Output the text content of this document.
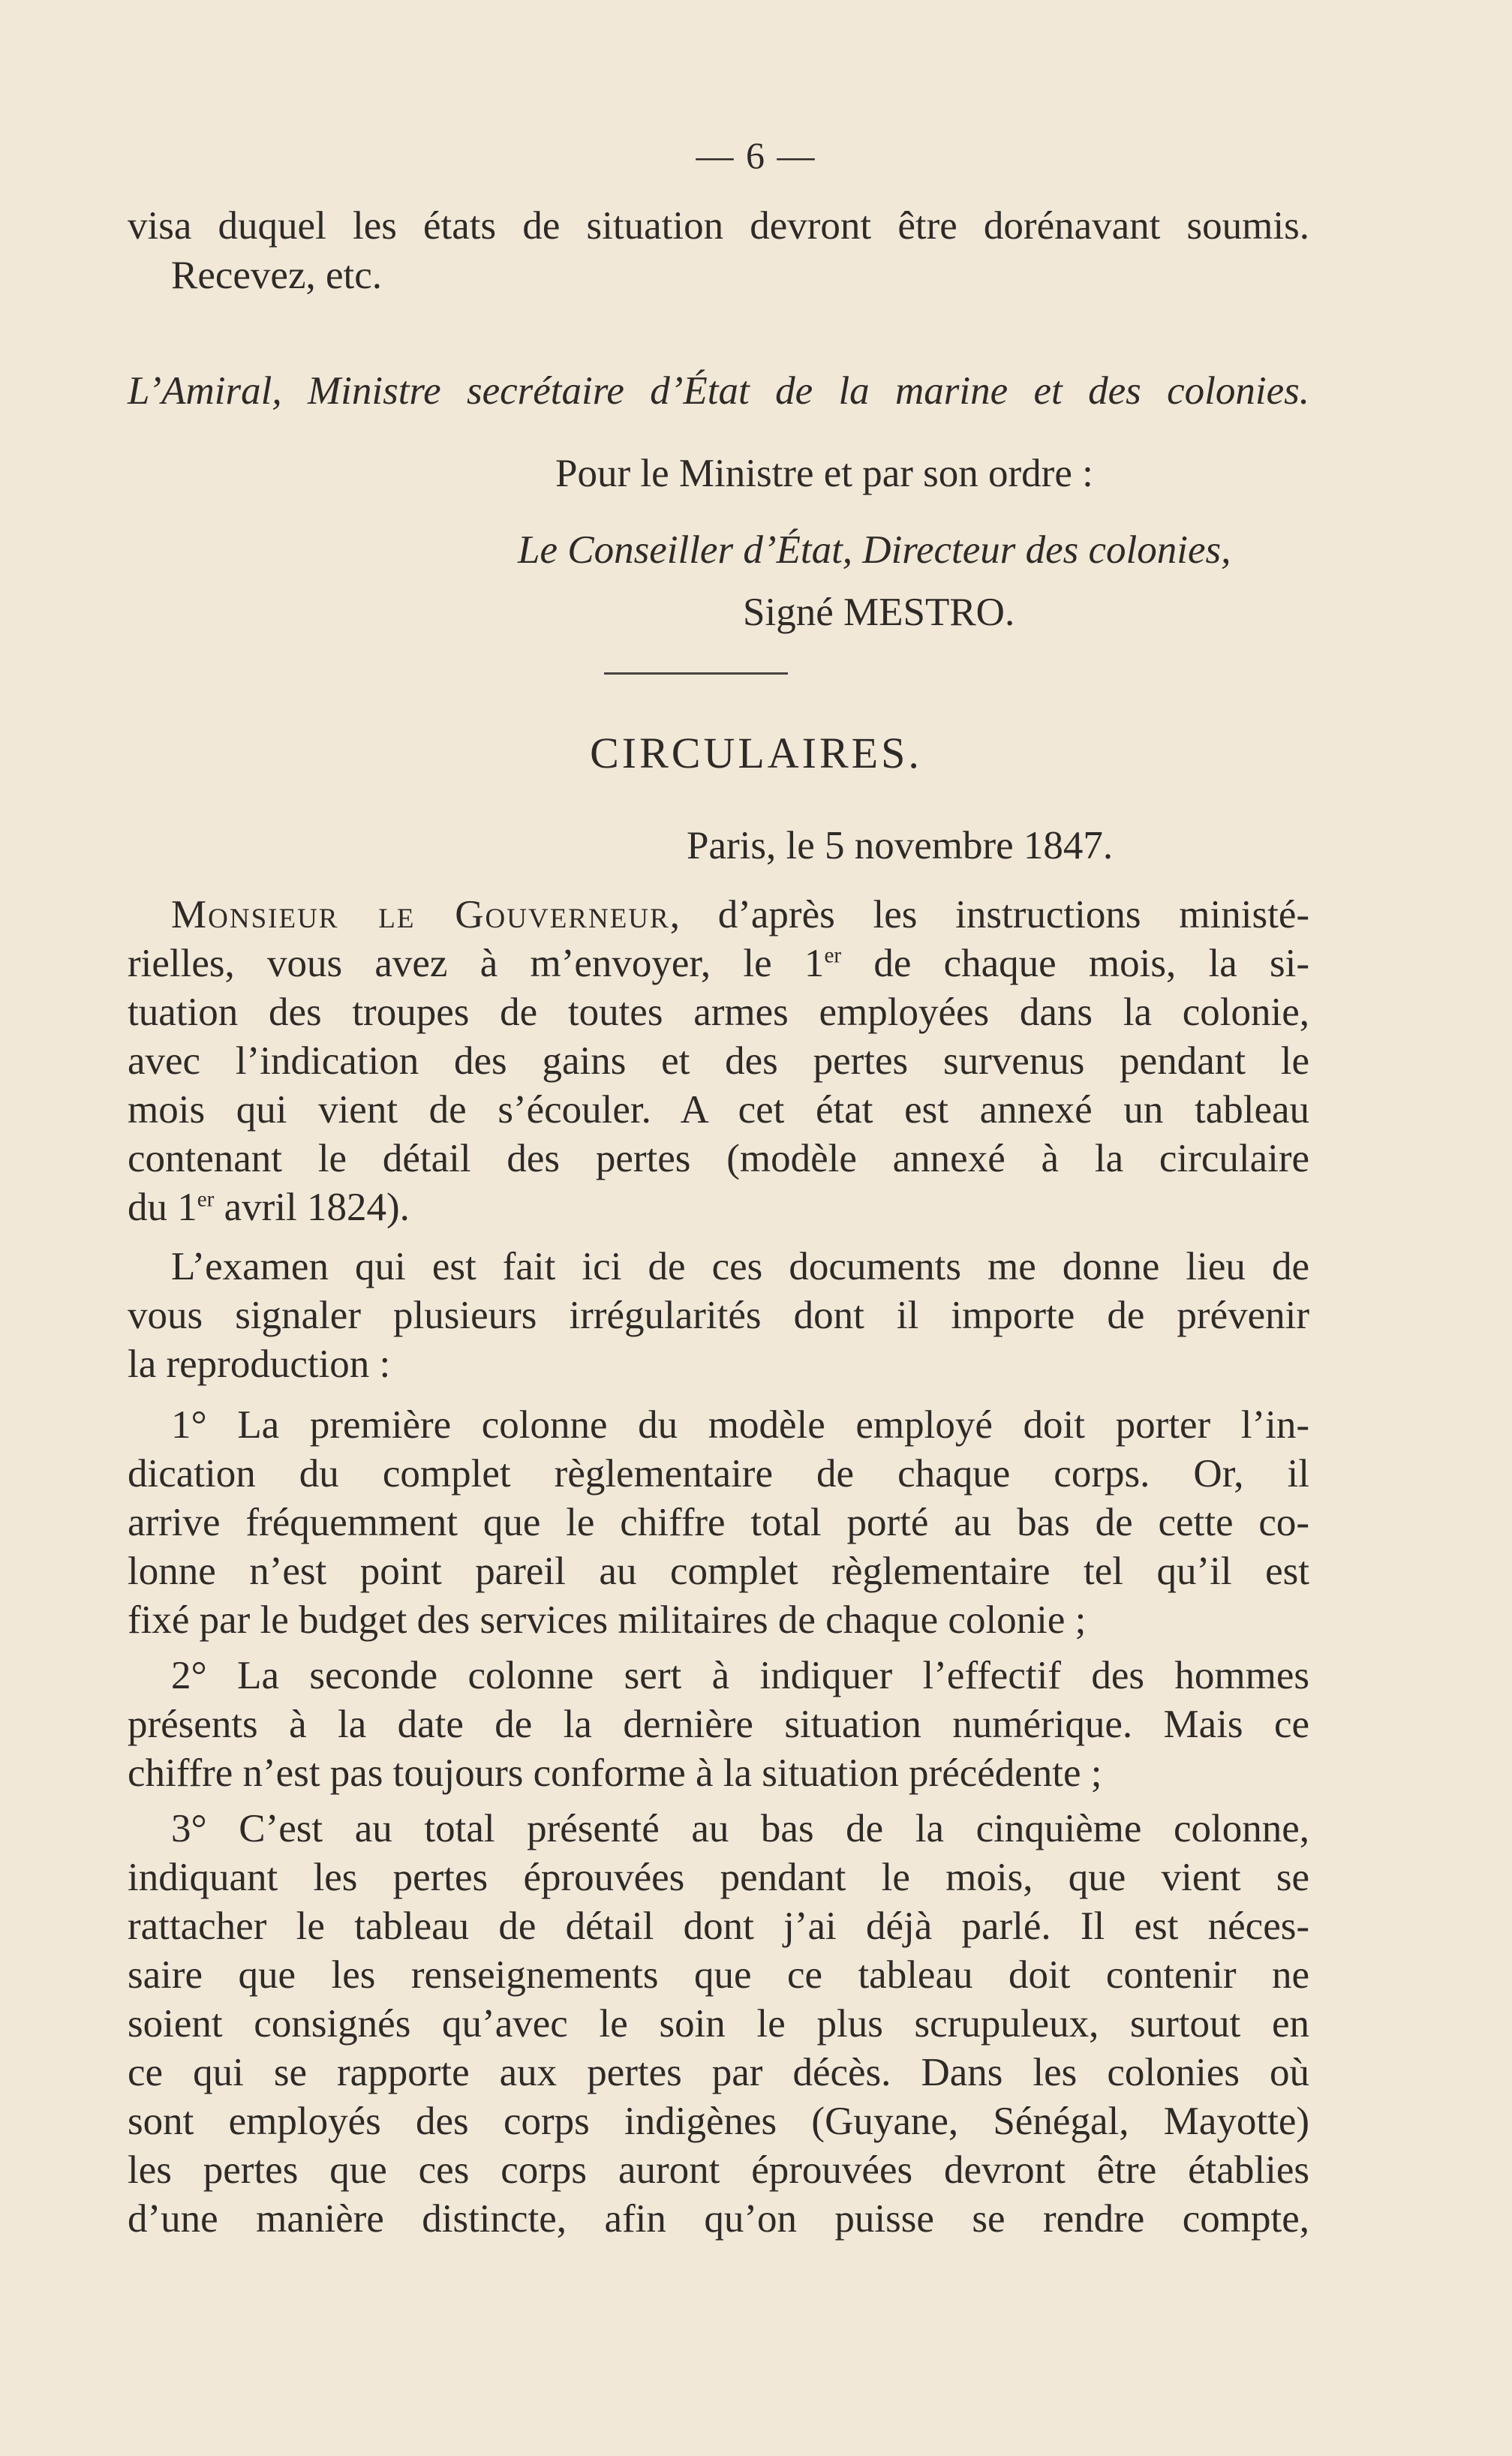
— 6 —
visa duquel les états de situation devront être dorénavant soumis.
Recevez, etc.
L’Amiral, Ministre secrétaire d’État de la marine et des colonies.
Pour le Ministre et par son ordre :
Le Conseiller d’État, Directeur des colonies,
Signé MESTRO.
CIRCULAIRES.
Paris, le 5 novembre 1847.
Monsieur le Gouverneur, d’après les instructions ministé-
rielles, vous avez à m’envoyer, le 1er de chaque mois, la si-
tuation des troupes de toutes armes employées dans la colonie,
avec l’indication des gains et des pertes survenus pendant le
mois qui vient de s’écouler. A cet état est annexé un tableau
contenant le détail des pertes (modèle annexé à la circulaire
du 1er avril 1824).
L’examen qui est fait ici de ces documents me donne lieu de
vous signaler plusieurs irrégularités dont il importe de prévenir
la reproduction :
1° La première colonne du modèle employé doit porter l’in-
dication du complet règlementaire de chaque corps. Or, il
arrive fréquemment que le chiffre total porté au bas de cette co-
lonne n’est point pareil au complet règlementaire tel qu’il est
fixé par le budget des services militaires de chaque colonie ;
2° La seconde colonne sert à indiquer l’effectif des hommes
présents à la date de la dernière situation numérique. Mais ce
chiffre n’est pas toujours conforme à la situation précédente ;
3° C’est au total présenté au bas de la cinquième colonne,
indiquant les pertes éprouvées pendant le mois, que vient se
rattacher le tableau de détail dont j’ai déjà parlé. Il est néces-
saire que les renseignements que ce tableau doit contenir ne
soient consignés qu’avec le soin le plus scrupuleux, surtout en
ce qui se rapporte aux pertes par décès. Dans les colonies où
sont employés des corps indigènes (Guyane, Sénégal, Mayotte)
les pertes que ces corps auront éprouvées devront être établies
d’une manière distincte, afin qu’on puisse se rendre compte,
